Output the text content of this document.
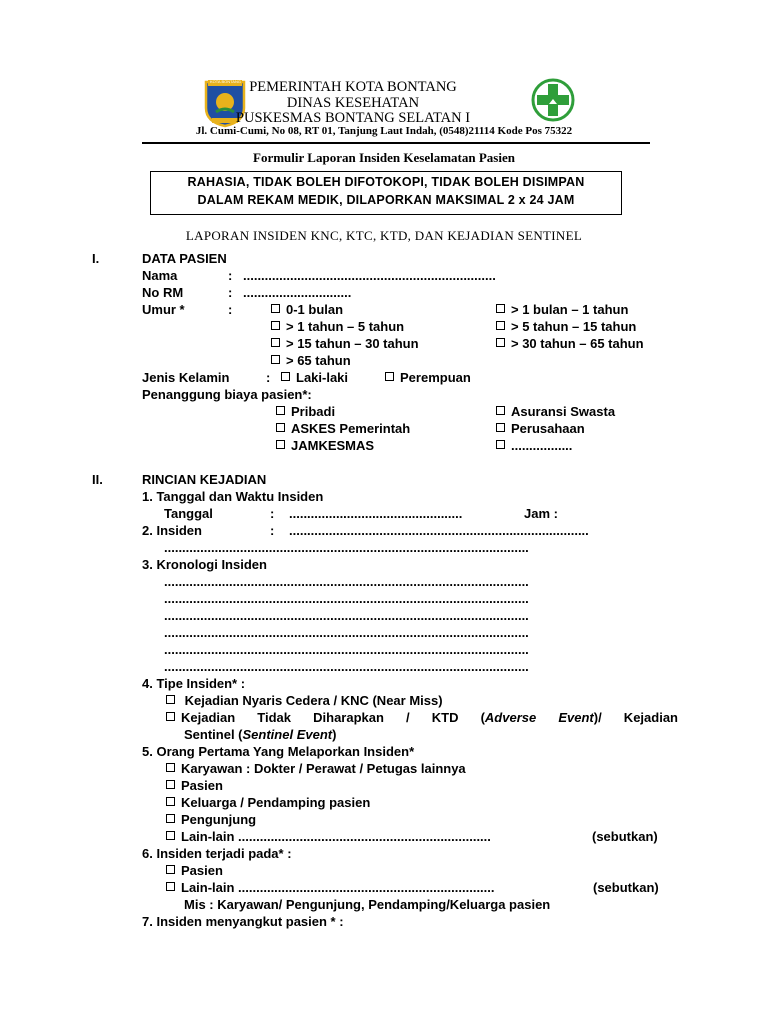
KOTA BONTANG PEMERINTAH KOTA BONTANG
DINAS KESEHATAN
PUSKESMAS BONTANG SELATAN I
Jl. Cumi-Cumi, No 08, RT 01, Tanjung Laut Indah, (0548)21114 Kode Pos 75322
Formulir Laporan Insiden Keselamatan Pasien
RAHASIA, TIDAK BOLEH DIFOTOKOPI, TIDAK BOLEH DISIMPAN
DALAM REKAM MEDIK, DILAPORKAN MAKSIMAL 2 x 24 JAM
LAPORAN INSIDEN KNC, KTC, KTD, DAN KEJADIAN SENTINEL
I.	DATA PASIEN
Nama	: ......................................................................
No RM	: ..............................
Umur *	:	0-1 bulan	> 1 bulan – 1 tahun
> 1 tahun – 5 tahun	> 5 tahun – 15 tahun
> 15 tahun – 30 tahun	> 30 tahun – 65 tahun
> 65 tahun
Jenis Kelamin	:	Laki-laki	Perempuan
Penanggung biaya pasien*:
Pribadi	Asuransi Swasta
ASKES Pemerintah	Perusahaan
JAMKESMAS	.................
II.	RINCIAN KEJADIAN
1. Tanggal dan Waktu Insiden
Tanggal	: ................................................	Jam :
2. Insiden	: ...................................................................................
.....................................................................................................
3. Kronologi Insiden
.....................................................................................................
.....................................................................................................
.....................................................................................................
.....................................................................................................
.....................................................................................................
.....................................................................................................
4. Tipe Insiden* :
Kejadian Nyaris Cedera / KNC (Near Miss)
Kejadian Tidak Diharapkan / KTD (Adverse Event)/ Kejadian
Sentinel (Sentinel Event)
5. Orang Pertama Yang Melaporkan Insiden*
Karyawan : Dokter / Perawat / Petugas lainnya
Pasien
Keluarga / Pendamping pasien
Pengunjung
Lain-lain ......................................................................	(sebutkan)
6. Insiden terjadi pada* :
Pasien
Lain-lain .......................................................................	(sebutkan)
Mis : Karyawan/ Pengunjung, Pendamping/Keluarga pasien
7. Insiden menyangkut pasien * :
